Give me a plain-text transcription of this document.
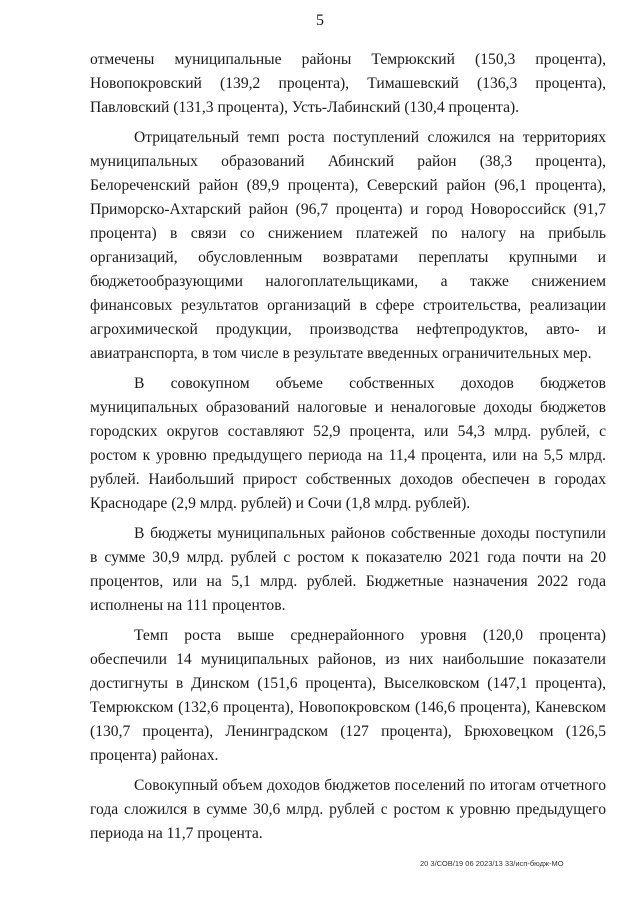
5

отмечены муниципальные районы Темрюкский (150,3 процента), Новопокровский (139,2 процента), Тимашевский (136,3 процента), Павловский (131,3 процента), Усть-Лабинский (130,4 процента).

Отрицательный темп роста поступлений сложился на территориях муниципальных образований Абинский район (38,3 процента), Белореченский район (89,9 процента), Северский район (96,1 процента), Приморско-Ахтарский район (96,7 процента) и город Новороссийск (91,7 процента) в связи со снижением платежей по налогу на прибыль организаций, обусловленным возвратами переплаты крупными и бюджетообразующими налогоплательщиками, а также снижением финансовых результатов организаций в сфере строительства, реализации агрохимической продукции, производства нефтепродуктов, авто- и авиатранспорта, в том числе в результате введенных ограничительных мер.

В совокупном объеме собственных доходов бюджетов муниципальных образований налоговые и неналоговые доходы бюджетов городских округов составляют 52,9 процента, или 54,3 млрд. рублей, с ростом к уровню предыдущего периода на 11,4 процента, или на 5,5 млрд. рублей. Наибольший прирост собственных доходов обеспечен в городах Краснодаре (2,9 млрд. рублей) и Сочи (1,8 млрд. рублей).

В бюджеты муниципальных районов собственные доходы поступили в сумме 30,9 млрд. рублей с ростом к показателю 2021 года почти на 20 процентов, или на 5,1 млрд. рублей. Бюджетные назначения 2022 года исполнены на 111 процентов.

Темп роста выше среднерайонного уровня (120,0 процента) обеспечили 14 муниципальных районов, из них наибольшие показатели достигнуты в Динском (151,6 процента), Выселковском (147,1 процента), Темрюкском (132,6 процента), Новопокровском (146,6 процента), Каневском (130,7 процента), Ленинградском (127 процента), Брюховецком (126,5 процента) районах.

Совокупный объем доходов бюджетов поселений по итогам отчетного года сложился в сумме 30,6 млрд. рублей с ростом к уровню предыдущего периода на 11,7 процента.

20 3/СОВ/19 06 2023/13 33/исп-бюдж-МО
